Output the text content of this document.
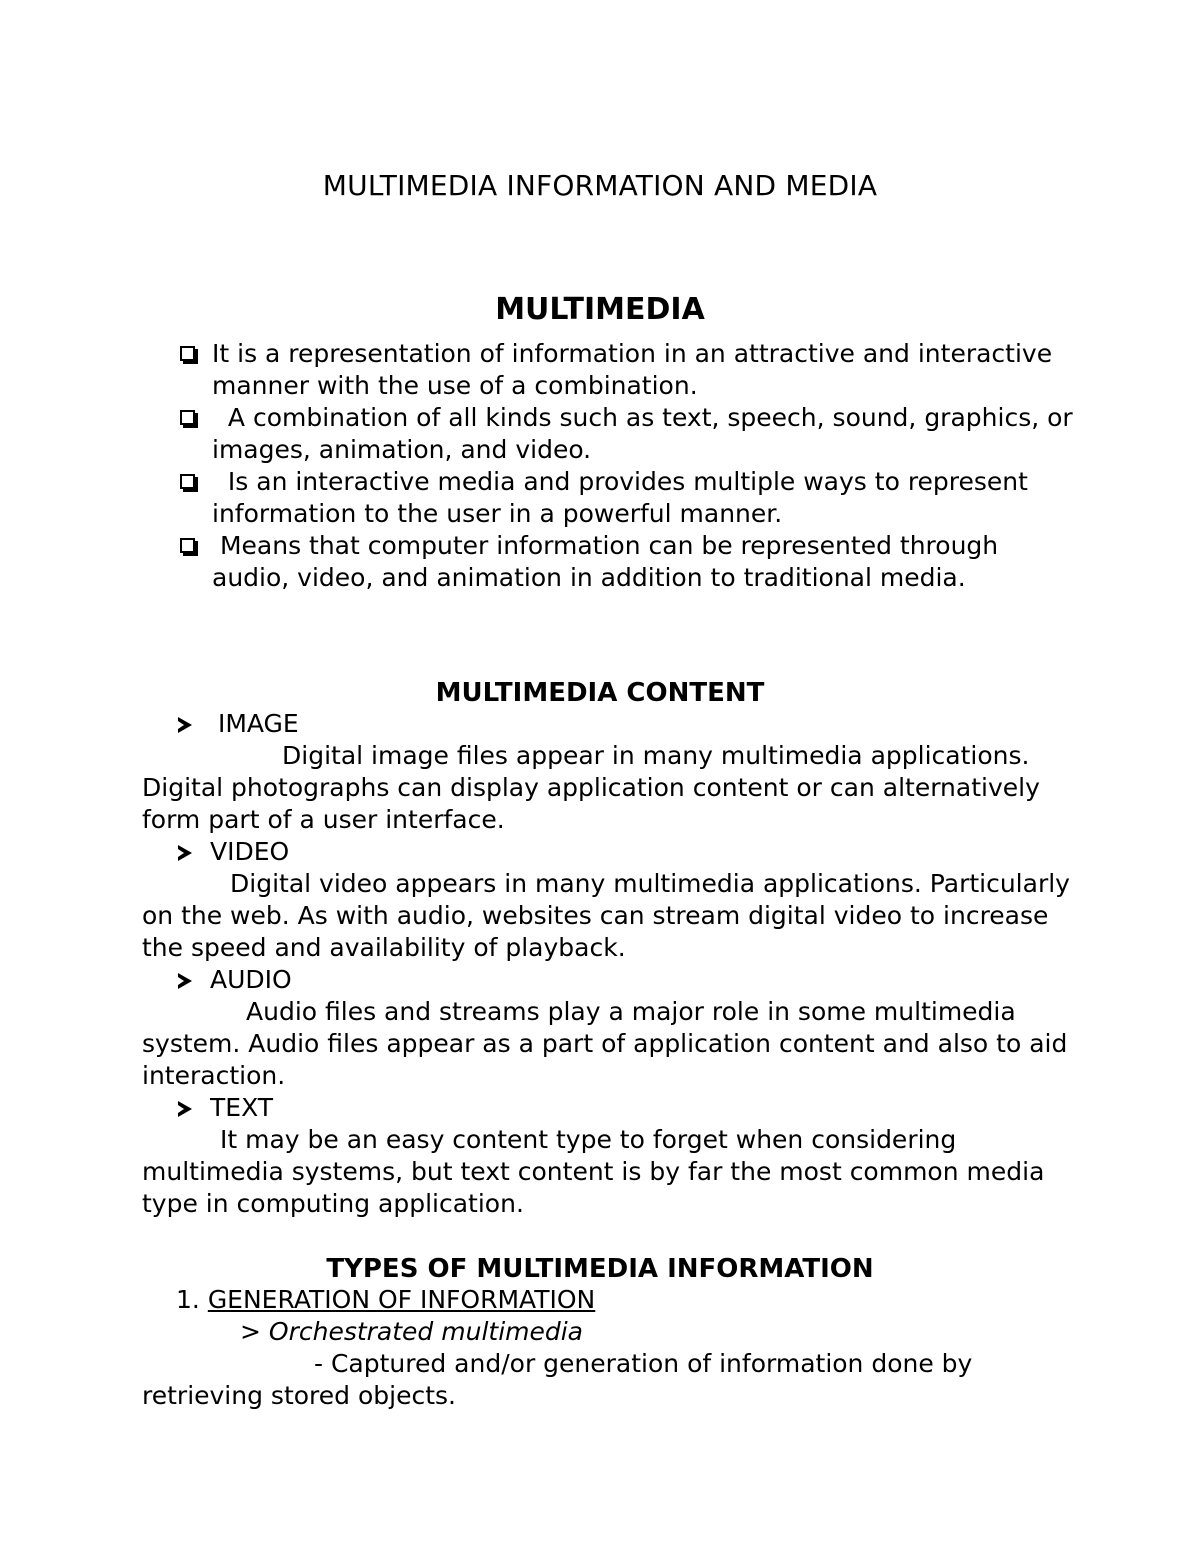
MULTIMEDIA INFORMATION AND MEDIA
MULTIMEDIA
It is a representation of information in an attractive and interactive manner with the use of a combination.
A combination of all kinds such as text, speech, sound, graphics, or images, animation, and video.
Is an interactive media and provides multiple ways to represent information to the user in a powerful manner.
Means that computer information can be represented through audio, video, and animation in addition to traditional media.
MULTIMEDIA CONTENT
IMAGE

Digital image files appear in many multimedia applications. Digital photographs can display application content or can alternatively form part of a user interface.

VIDEO

Digital video appears in many multimedia applications. Particularly on the web. As with audio, websites can stream digital video to increase the speed and availability of playback.

AUDIO

Audio files and streams play a major role in some multimedia system. Audio files appear as a part of application content and also to aid interaction.

TEXT

It may be an easy content type to forget when considering multimedia systems, but text content is by far the most common media type in computing application.

TYPES OF MULTIMEDIA INFORMATION
1. GENERATION OF INFORMATION
> Orchestrated multimedia

- Captured and/or generation of information done by retrieving stored objects.
